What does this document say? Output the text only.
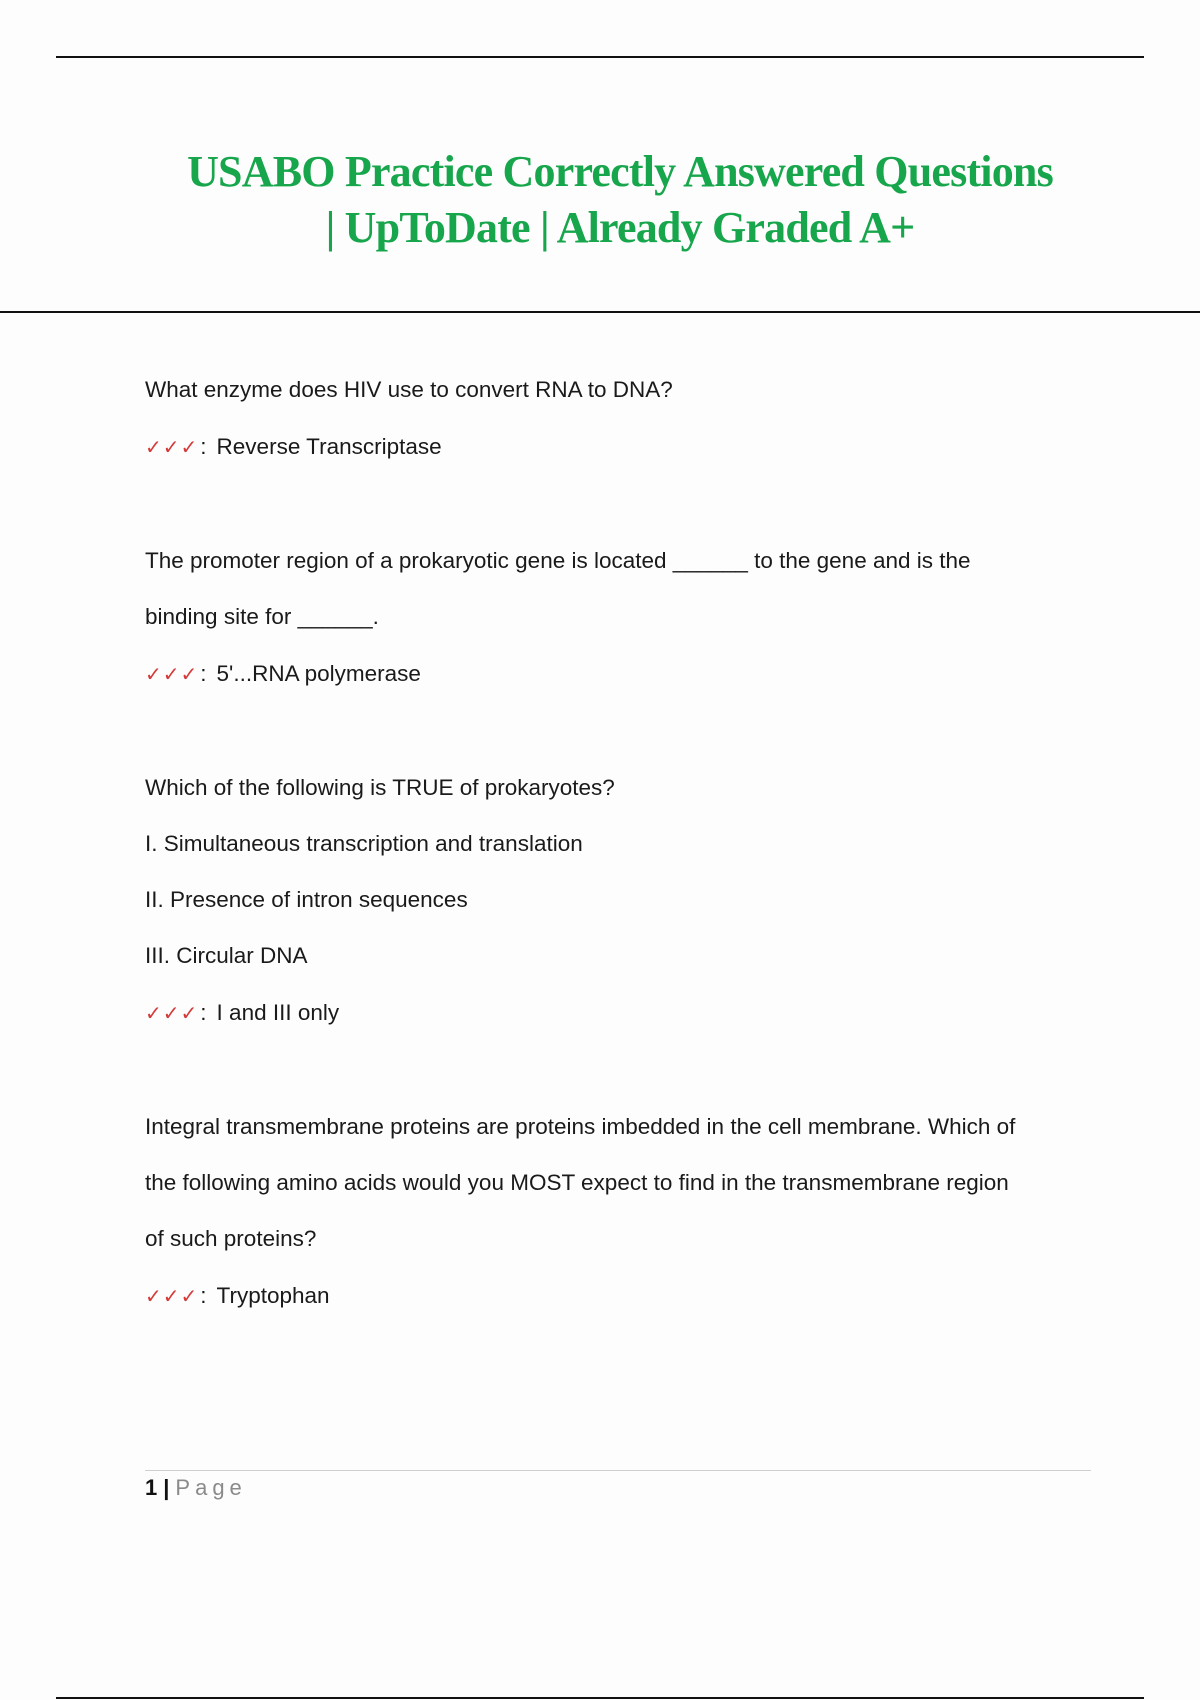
USABO Practice Correctly Answered Questions
| UpToDate | Already Graded A+

What enzyme does HIV use to convert RNA to DNA?

✓✓✓: Reverse Transcriptase

The promoter region of a prokaryotic gene is located ______ to the gene and is the
binding site for ______.

✓✓✓: 5'...RNA polymerase

Which of the following is TRUE of prokaryotes?
I. Simultaneous transcription and translation
II. Presence of intron sequences
III. Circular DNA

✓✓✓: I and III only

Integral transmembrane proteins are proteins imbedded in the cell membrane. Which of
the following amino acids would you MOST expect to find in the transmembrane region
of such proteins?

✓✓✓: Tryptophan

1 | Page
